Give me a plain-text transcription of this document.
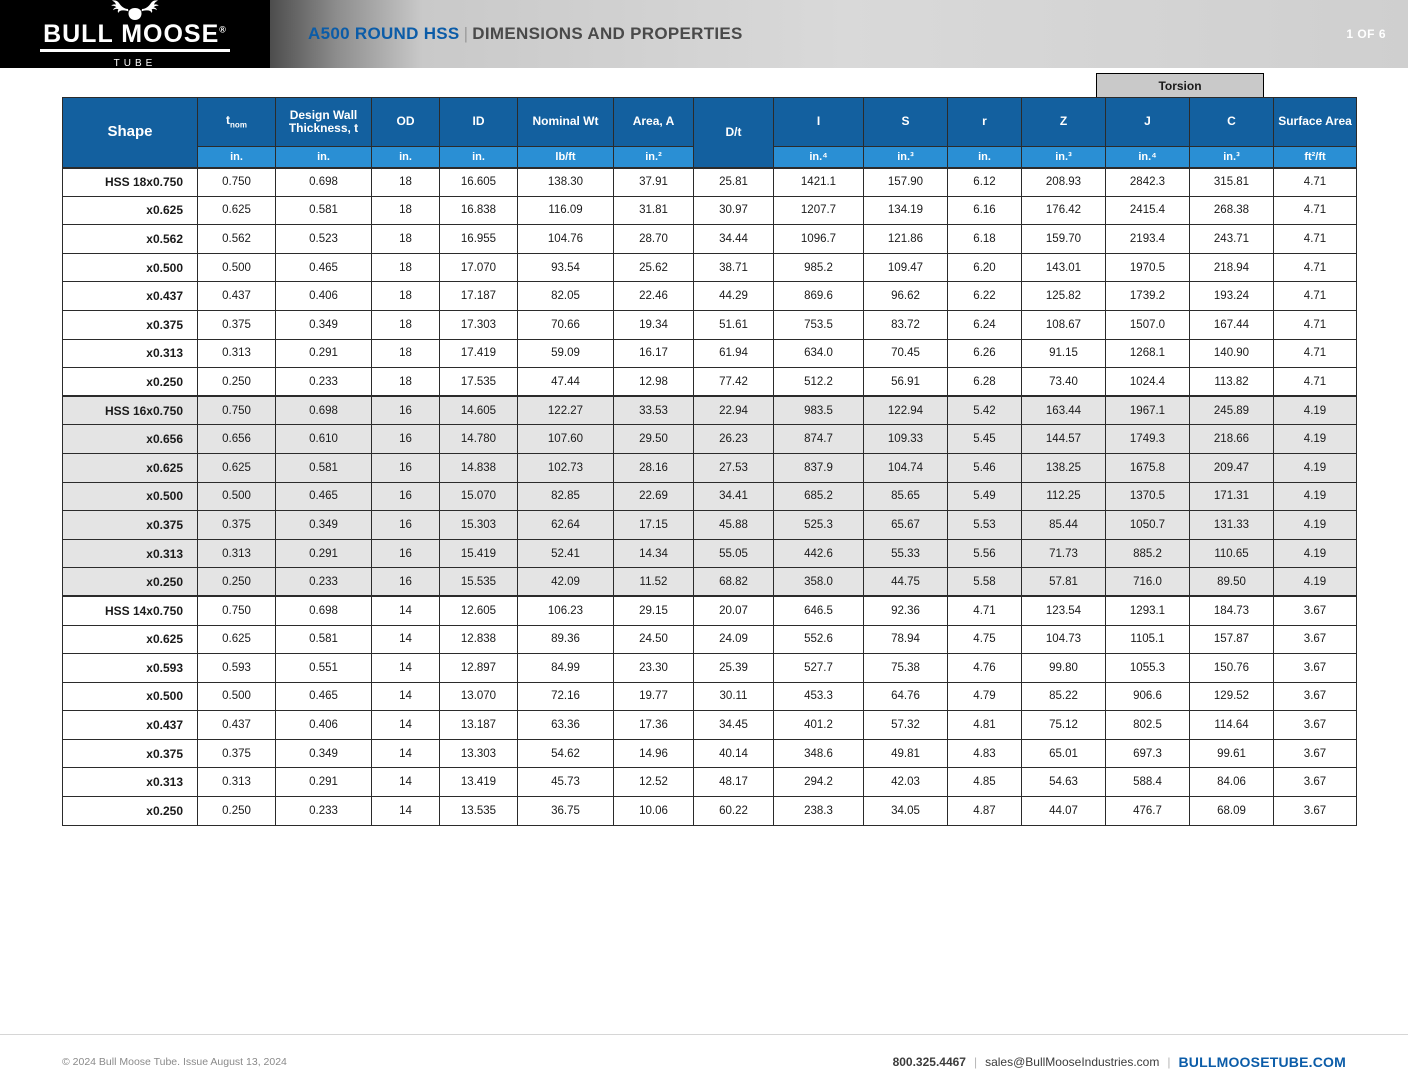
BULL MOOSE®
TUBE
A500 ROUND HSS | DIMENSIONS AND PROPERTIES	1 OF 6
Torsion
Shape	$t_{nom}$	Design Wall Thickness, t	OD	ID	Nominal Wt	Area, A	D/t	I	S	r	Z	J	C	Surface Area
	in.	in.	in.	in.	lb/ft	in.²		in.⁴	in.³	in.	in.³	in.⁴	in.³	ft²/ft
HSS 18x0.750	0.750	0.698	18	16.605	138.30	37.91	25.81	1421.1	157.90	6.12	208.93	2842.3	315.81	4.71
x0.625	0.625	0.581	18	16.838	116.09	31.81	30.97	1207.7	134.19	6.16	176.42	2415.4	268.38	4.71
x0.562	0.562	0.523	18	16.955	104.76	28.70	34.44	1096.7	121.86	6.18	159.70	2193.4	243.71	4.71
x0.500	0.500	0.465	18	17.070	93.54	25.62	38.71	985.2	109.47	6.20	143.01	1970.5	218.94	4.71
x0.437	0.437	0.406	18	17.187	82.05	22.46	44.29	869.6	96.62	6.22	125.82	1739.2	193.24	4.71
x0.375	0.375	0.349	18	17.303	70.66	19.34	51.61	753.5	83.72	6.24	108.67	1507.0	167.44	4.71
x0.313	0.313	0.291	18	17.419	59.09	16.17	61.94	634.0	70.45	6.26	91.15	1268.1	140.90	4.71
x0.250	0.250	0.233	18	17.535	47.44	12.98	77.42	512.2	56.91	6.28	73.40	1024.4	113.82	4.71
HSS 16x0.750	0.750	0.698	16	14.605	122.27	33.53	22.94	983.5	122.94	5.42	163.44	1967.1	245.89	4.19
x0.656	0.656	0.610	16	14.780	107.60	29.50	26.23	874.7	109.33	5.45	144.57	1749.3	218.66	4.19
x0.625	0.625	0.581	16	14.838	102.73	28.16	27.53	837.9	104.74	5.46	138.25	1675.8	209.47	4.19
x0.500	0.500	0.465	16	15.070	82.85	22.69	34.41	685.2	85.65	5.49	112.25	1370.5	171.31	4.19
x0.375	0.375	0.349	16	15.303	62.64	17.15	45.88	525.3	65.67	5.53	85.44	1050.7	131.33	4.19
x0.313	0.313	0.291	16	15.419	52.41	14.34	55.05	442.6	55.33	5.56	71.73	885.2	110.65	4.19
x0.250	0.250	0.233	16	15.535	42.09	11.52	68.82	358.0	44.75	5.58	57.81	716.0	89.50	4.19
HSS 14x0.750	0.750	0.698	14	12.605	106.23	29.15	20.07	646.5	92.36	4.71	123.54	1293.1	184.73	3.67
x0.625	0.625	0.581	14	12.838	89.36	24.50	24.09	552.6	78.94	4.75	104.73	1105.1	157.87	3.67
x0.593	0.593	0.551	14	12.897	84.99	23.30	25.39	527.7	75.38	4.76	99.80	1055.3	150.76	3.67
x0.500	0.500	0.465	14	13.070	72.16	19.77	30.11	453.3	64.76	4.79	85.22	906.6	129.52	3.67
x0.437	0.437	0.406	14	13.187	63.36	17.36	34.45	401.2	57.32	4.81	75.12	802.5	114.64	3.67
x0.375	0.375	0.349	14	13.303	54.62	14.96	40.14	348.6	49.81	4.83	65.01	697.3	99.61	3.67
x0.313	0.313	0.291	14	13.419	45.73	12.52	48.17	294.2	42.03	4.85	54.63	588.4	84.06	3.67
x0.250	0.250	0.233	14	13.535	36.75	10.06	60.22	238.3	34.05	4.87	44.07	476.7	68.09	3.67
© 2024 Bull Moose Tube. Issue August 13, 2024	800.325.4467 | sales@BullMooseIndustries.com | BULLMOOSETUBE.COM
